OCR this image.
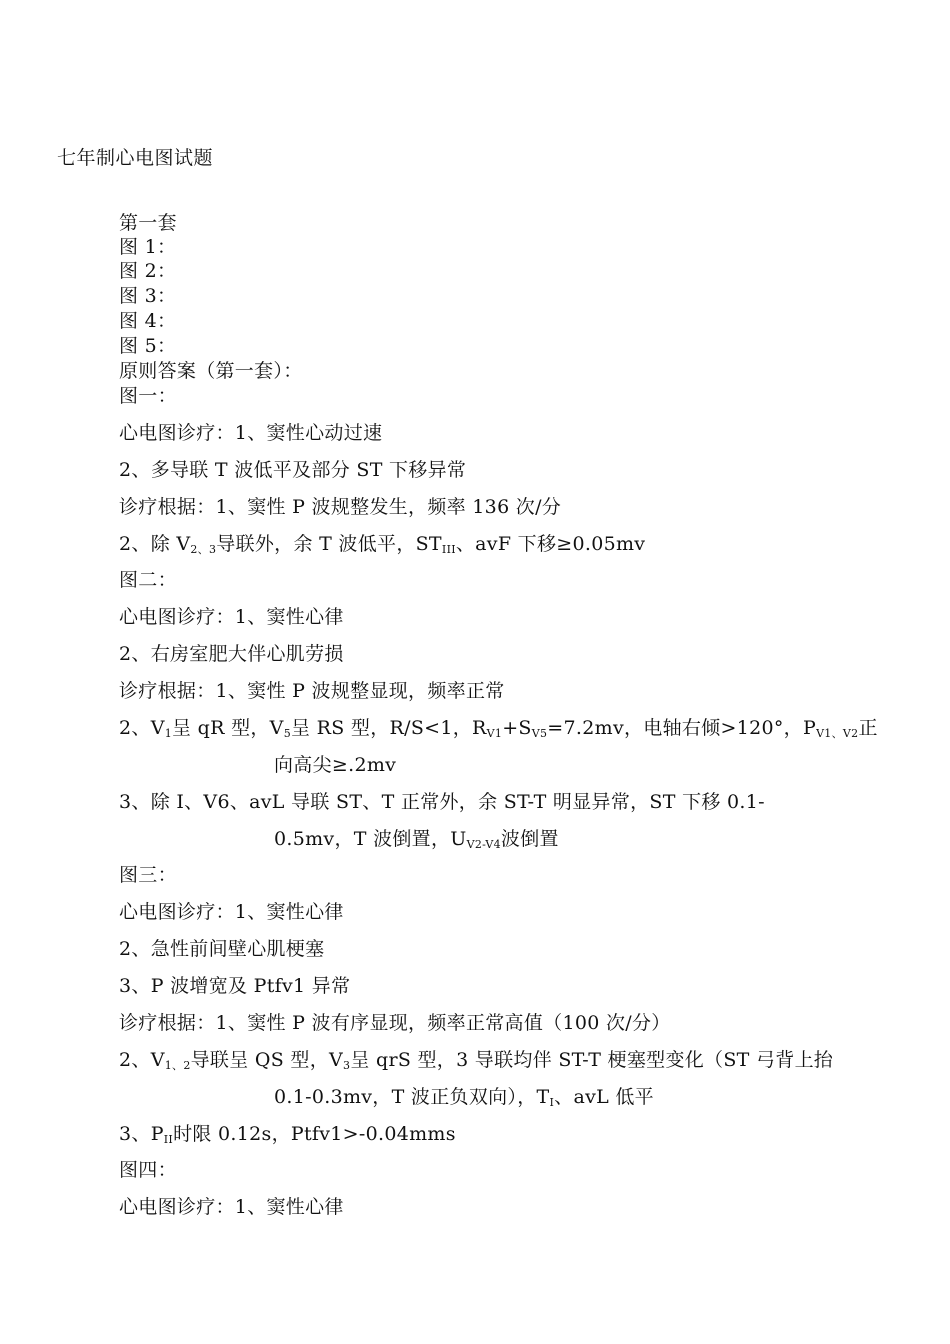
七年制心电图试题
第一套
图 1：
图 2：
图 3：
图 4：
图 5：
原则答案（第一套）：
图一：
心电图诊疗：1、窦性心动过速
2、多导联 T 波低平及部分 ST 下移异常
诊疗根据：1、窦性 P 波规整发生，频率 136 次/分
2、除 $V_{2、3}$导联外，余 T 波低平，$ST_{III}$、avF 下移≥0.05mv
图二：
心电图诊疗：1、窦性心律
2、右房室肥大伴心肌劳损
诊疗根据：1、窦性 P 波规整显现，频率正常
2、$V_1$呈 qR 型，$V_5$呈 RS 型，R/S<1，$R_{V1}+S_{V5}=7.2mv$，电轴右倾>120°，$P_{V1、V2}$正
向高尖≥.2mv
3、除 I、V6、avL 导联 ST、T 正常外，余 ST-T 明显异常，ST 下移 0.1-
0.5mv，T 波倒置，$U_{V2-V4}$波倒置
图三：
心电图诊疗：1、窦性心律
2、急性前间壁心肌梗塞
3、P 波增宽及 Ptfv1 异常
诊疗根据：1、窦性 P 波有序显现，频率正常高值（100 次/分）
2、$V_{1、2}$导联呈 QS 型，$V_3$呈 qrS 型，3 导联均伴 ST-T 梗塞型变化（ST 弓背上抬
0.1-0.3mv，T 波正负双向），$T_I$、avL 低平
3、$P_{II}$时限 0.12s，Ptfv1>-0.04mms
图四：
心电图诊疗：1、窦性心律
